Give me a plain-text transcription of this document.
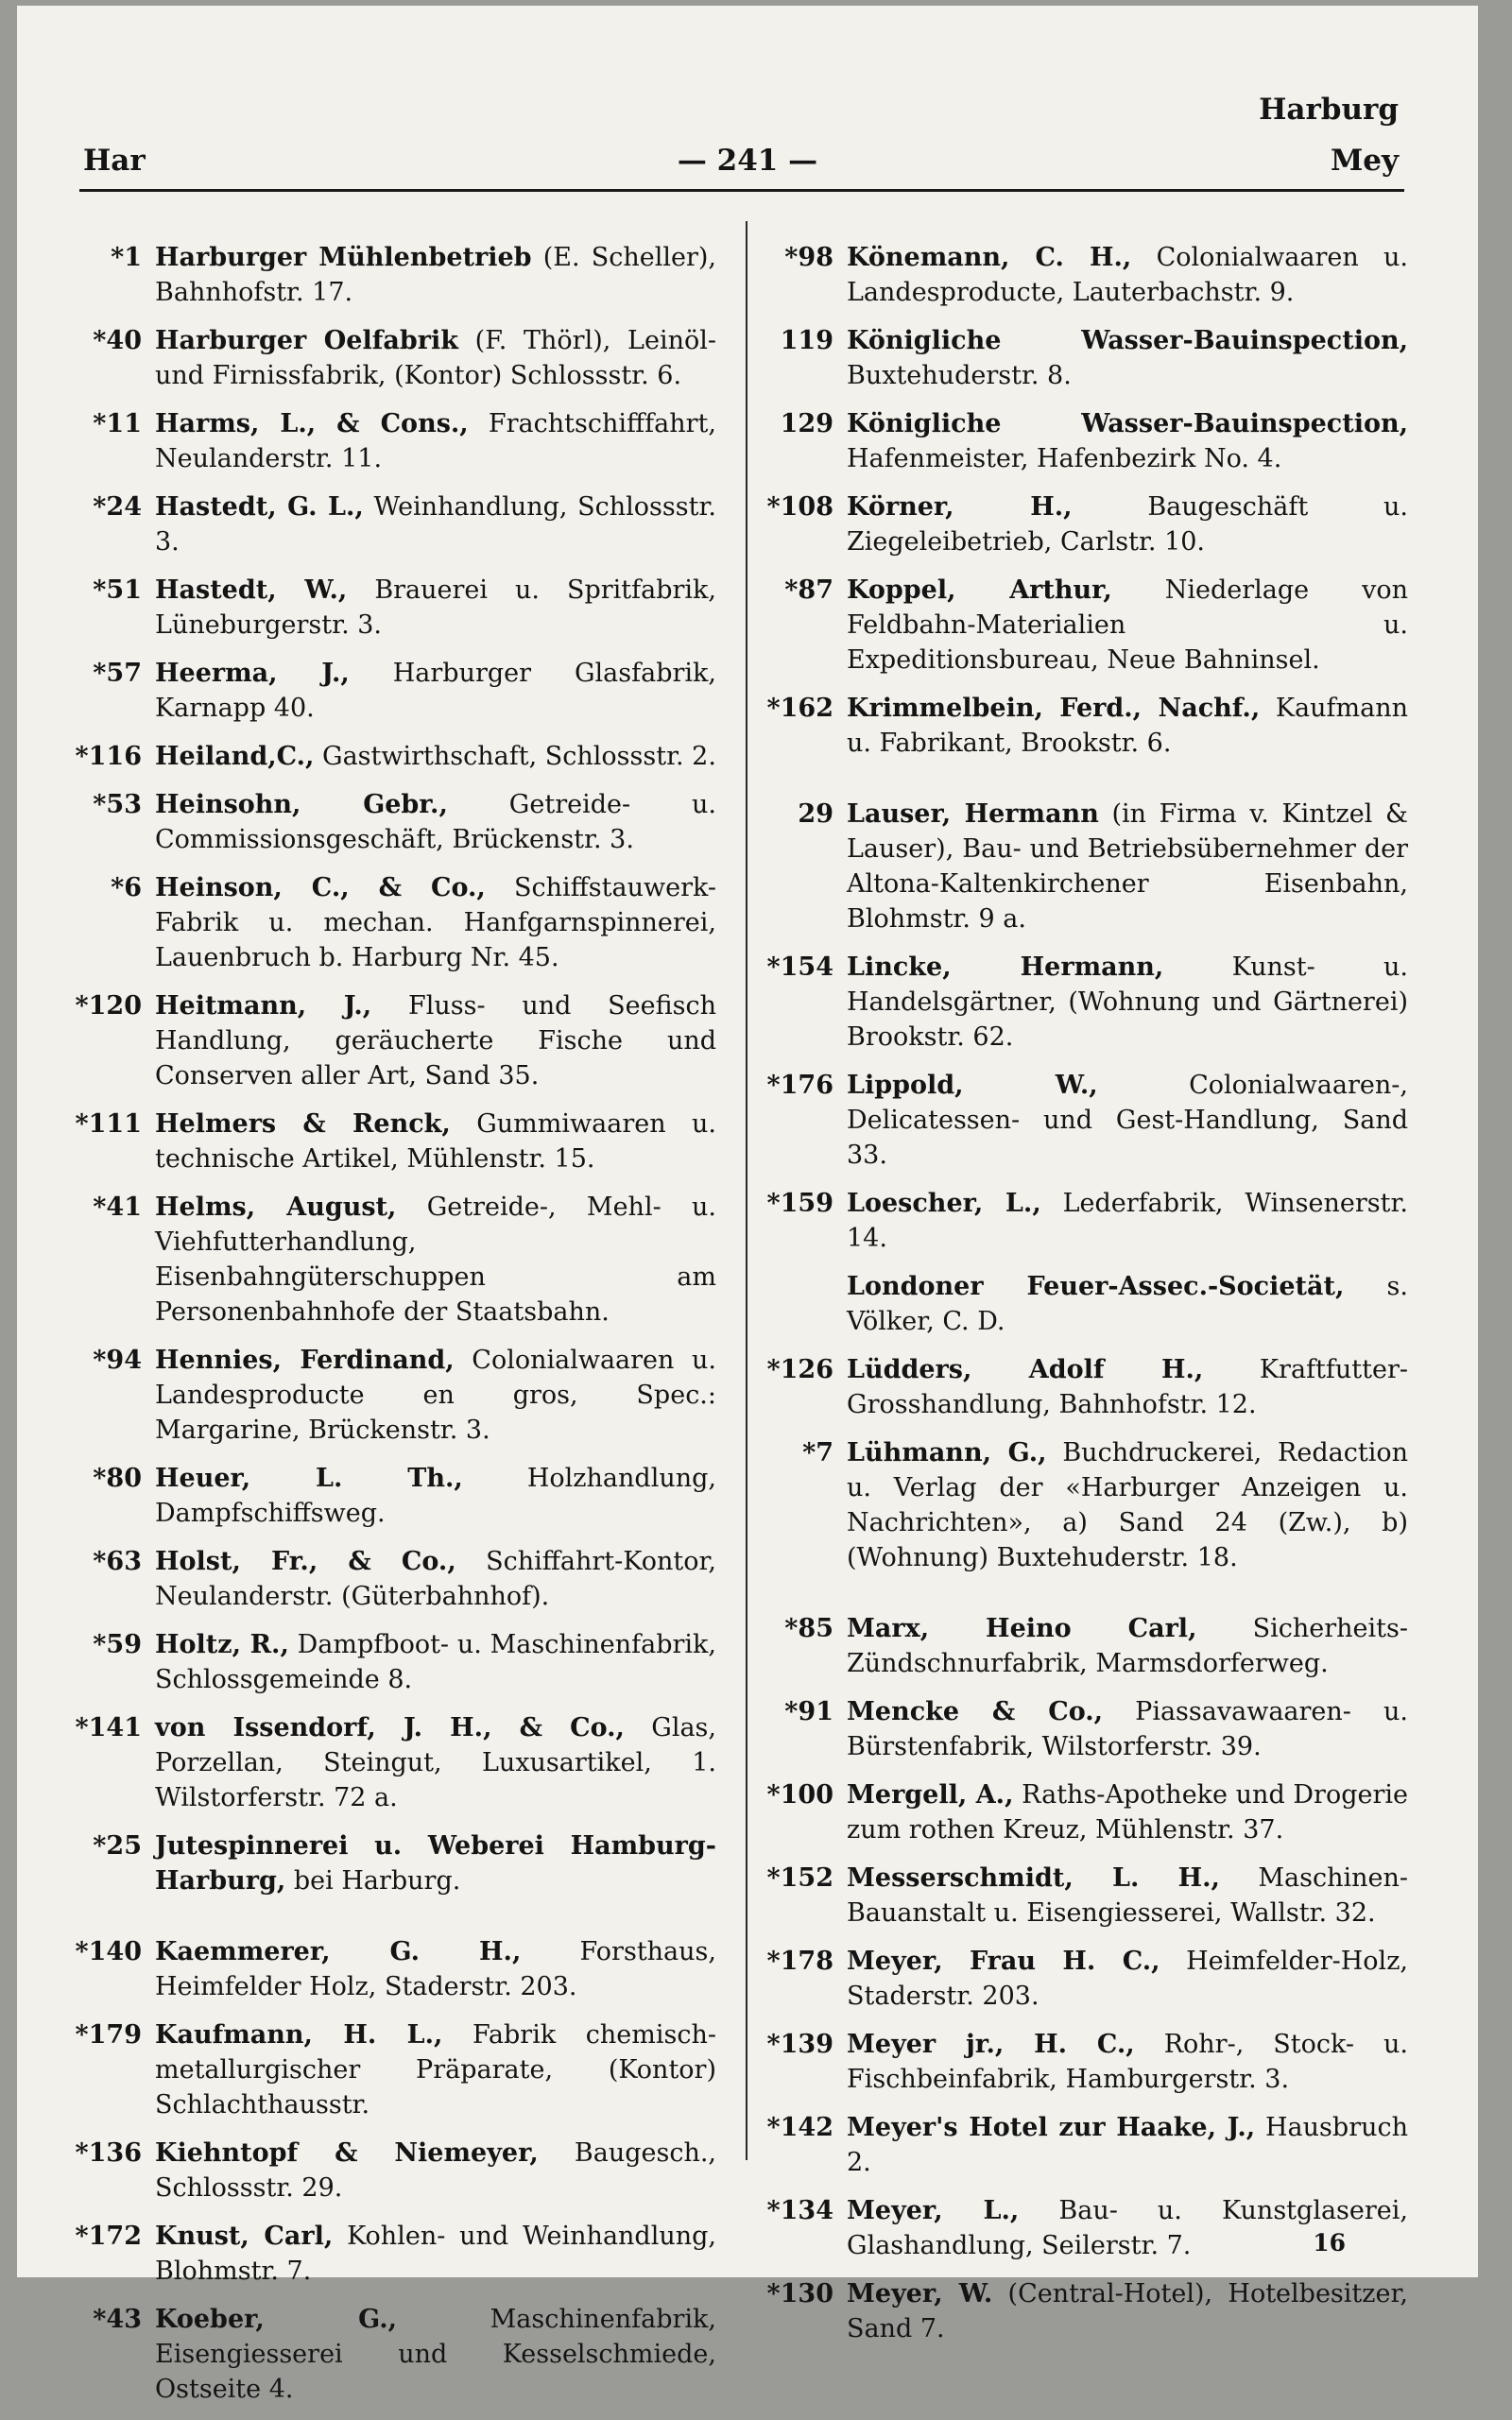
Harburg
— 241 —
Har	Mey
*1 Harburger Mühlenbetrieb (E. Scheller), Bahnhofstr. 17.
*40 Harburger Oelfabrik (F. Thörl), Leinöl- und Firnissfabrik, (Kontor) Schlossstr. 6.
*11 Harms, L., & Cons., Frachtschifffahrt, Neulanderstr. 11.
*24 Hastedt, G. L., Weinhandlung, Schlossstr. 3.
*51 Hastedt, W., Brauerei u. Spritfabrik, Lüneburgerstr. 3.
*57 Heerma, J., Harburger Glasfabrik, Karnapp 40.
*116 Heiland,C., Gastwirthschaft, Schlossstr. 2.
*53 Heinsohn, Gebr., Getreide- u. Commissionsgeschäft, Brückenstr. 3.
*6 Heinson, C., & Co., Schiffstauwerk-Fabrik u. mechan. Hanfgarnspinnerei, Lauenbruch b. Harburg Nr. 45.
*120 Heitmann, J., Fluss- und Seefisch Handlung, geräucherte Fische und Conserven aller Art, Sand 35.
*111 Helmers & Renck, Gummiwaaren u. technische Artikel, Mühlenstr. 15.
*41 Helms, August, Getreide-, Mehl- u. Viehfutterhandlung, Eisenbahngüterschuppen am Personenbahnhofe der Staatsbahn.
*94 Hennies, Ferdinand, Colonialwaaren u. Landesproducte en gros, Spec.: Margarine, Brückenstr. 3.
*80 Heuer, L. Th.,	Holzhandlung, Dampfschiffsweg.
*63 Holst, Fr., & Co., Schiffahrt-Kontor, Neulanderstr. (Güterbahnhof).
*59 Holtz, R., Dampfboot- u. Maschinenfabrik, Schlossgemeinde 8.
*141 von Issendorf, J. H., & Co., Glas, Porzellan, Steingut, Luxusartikel, 1. Wilstorferstr. 72 a.
*25 Jutespinnerei u. Weberei Hamburg-Harburg, bei Harburg.
*140 Kaemmerer, G. H., Forsthaus, Heimfelder Holz, Staderstr. 203.
*179 Kaufmann, H. L., Fabrik chemisch-metallurgischer Präparate, (Kontor) Schlachthausstr.
*136 Kiehntopf & Niemeyer, Baugesch., Schlossstr. 29.
*172 Knust, Carl, Kohlen- und Weinhandlung, Blohmstr. 7.
*43 Koeber, G.,	Maschinenfabrik, Eisengiesserei und Kesselschmiede, Ostseite 4.
*98 Könemann, C. H., Colonialwaaren u. Landesproducte, Lauterbachstr. 9.
119 Königliche Wasser-Bauinspection, Buxtehuderstr. 8.
129 Königliche Wasser-Bauinspection, Hafenmeister, Hafenbezirk No. 4.
*108 Körner, H.,	Baugeschäft u. Ziegeleibetrieb, Carlstr. 10.
*87 Koppel, Arthur, Niederlage von Feldbahn-Materialien u. Expeditionsbureau, Neue Bahninsel.
*162 Krimmelbein, Ferd., Nachf., Kaufmann u. Fabrikant, Brookstr. 6.
29 Lauser, Hermann (in Firma v. Kintzel & Lauser), Bau- und Betriebsübernehmer der Altona-Kaltenkirchener Eisenbahn, Blohmstr. 9 a.
*154 Lincke, Hermann,	Kunst- u. Handelsgärtner, (Wohnung und Gärtnerei) Brookstr. 62.
*176 Lippold, W.,	Colonialwaaren-, Delicatessen- und Gest-Handlung, Sand 33.
*159 Loescher, L., Lederfabrik, Winsenerstr. 14.
Londoner Feuer-Assec.-Societät, s. Völker, C. D.
*126 Lüdders, Adolf H., Kraftfutter-Grosshandlung, Bahnhofstr. 12.
*7 Lühmann, G., Buchdruckerei, Redaction u. Verlag der «Harburger Anzeigen u. Nachrichten», a) Sand 24 (Zw.), b) (Wohnung) Buxtehuderstr. 18.
*85 Marx, Heino Carl, Sicherheits-Zündschnurfabrik, Marmsdorferweg.
*91 Mencke & Co., Piassavawaaren- u. Bürstenfabrik, Wilstorferstr. 39.
*100 Mergell, A., Raths-Apotheke und Drogerie zum rothen Kreuz, Mühlenstr. 37.
*152 Messerschmidt, L. H., Maschinen-Bauanstalt u. Eisengiesserei, Wallstr. 32.
*178 Meyer, Frau H. C., Heimfelder-Holz, Staderstr. 203.
*139 Meyer jr., H. C., Rohr-, Stock- u. Fischbeinfabrik, Hamburgerstr. 3.
*142 Meyer's Hotel zur Haake, J., Hausbruch 2.
*134 Meyer, L., Bau- u. Kunstglaserei, Glashandlung, Seilerstr. 7.
*130 Meyer, W. (Central-Hotel), Hotelbesitzer, Sand 7.
16
